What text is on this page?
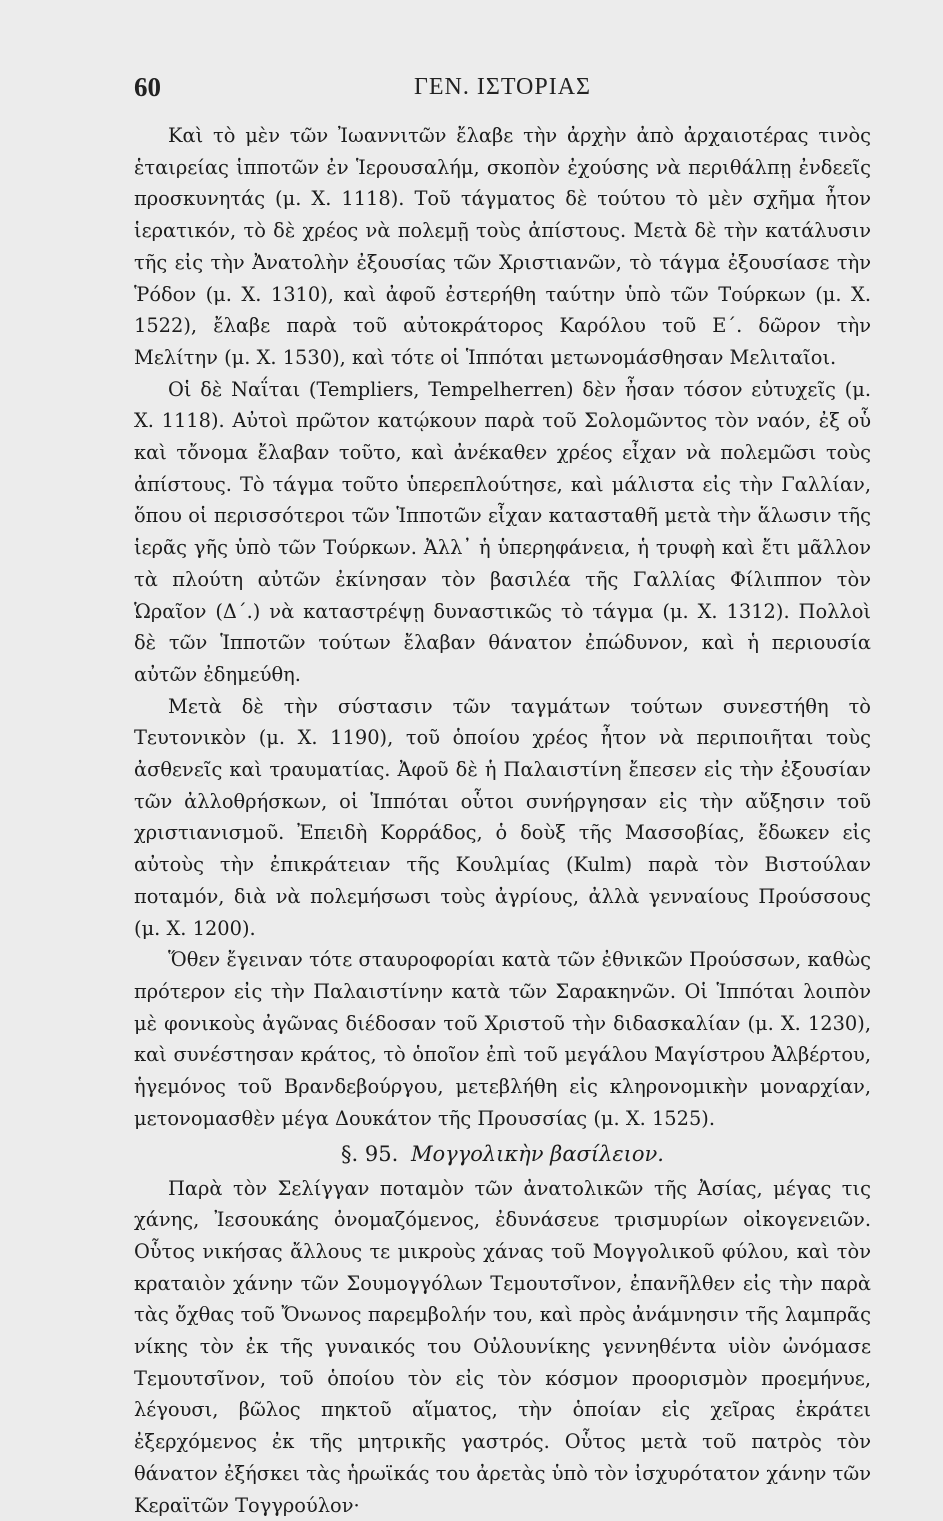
60	ΓΕΝ. ΙΣΤΟΡΙΑΣ

Καὶ τὸ μὲν τῶν Ἰωαννιτῶν ἔλαβε τὴν ἀρχὴν ἀπὸ ἀρχαιοτέρας τινὸς ἑταιρείας ἱπποτῶν ἐν Ἱερουσαλήμ, σκοπὸν ἐχούσης νὰ περιθάλπῃ ἐνδεεῖς προσκυνητάς (μ. Χ. 1118). Τοῦ τάγματος δὲ τούτου τὸ μὲν σχῆμα ἦτον ἱερατικόν, τὸ δὲ χρέος νὰ πολεμῇ τοὺς ἀπίστους. Μετὰ δὲ τὴν κατάλυσιν τῆς εἰς τὴν Ἀνατολὴν ἐξουσίας τῶν Χριστιανῶν, τὸ τάγμα ἐξουσίασε τὴν Ῥόδον (μ. Χ. 1310), καὶ ἀφοῦ ἐστερήθη ταύτην ὑπὸ τῶν Τούρκων (μ. Χ. 1522), ἔλαβε παρὰ τοῦ αὐτοκράτορος Καρόλου τοῦ Ε΄. δῶρον τὴν Μελίτην (μ. Χ. 1530), καὶ τότε οἱ Ἱππόται μετωνομάσθησαν Μελιταῖοι.

Οἱ δὲ Ναΐται (Templiers, Tempelherren) δὲν ἦσαν τόσον εὐτυχεῖς (μ. Χ. 1118). Αὐτοὶ πρῶτον κατῴκουν παρὰ τοῦ Σολομῶντος τὸν ναόν, ἐξ οὗ καὶ τὄνομα ἔλαβαν τοῦτο, καὶ ἀνέκαθεν χρέος εἶχαν νὰ πολεμῶσι τοὺς ἀπίστους. Τὸ τάγμα τοῦτο ὑπερεπλούτησε, καὶ μάλιστα εἰς τὴν Γαλλίαν, ὅπου οἱ περισσότεροι τῶν Ἱπποτῶν εἶχαν κατασταθῆ μετὰ τὴν ἅλωσιν τῆς ἱερᾶς γῆς ὑπὸ τῶν Τούρκων. Ἀλλ᾽ ἡ ὑπερηφάνεια, ἡ τρυφὴ καὶ ἔτι μᾶλλον τὰ πλούτη αὐτῶν ἐκίνησαν τὸν βασιλέα τῆς Γαλλίας Φίλιππον τὸν Ὡραῖον (Δ΄.) νὰ καταστρέψῃ δυναστικῶς τὸ τάγμα (μ. Χ. 1312). Πολλοὶ δὲ τῶν Ἱπποτῶν τούτων ἔλαβαν θάνατον ἐπώδυνον, καὶ ἡ περιουσία αὐτῶν ἐδημεύθη.

Μετὰ δὲ τὴν σύστασιν τῶν ταγμάτων τούτων συνεστήθη τὸ Τευτονικὸν (μ. Χ. 1190), τοῦ ὁποίου χρέος ἦτον νὰ περιποιῆται τοὺς ἀσθενεῖς καὶ τραυματίας. Ἀφοῦ δὲ ἡ Παλαιστίνη ἔπεσεν εἰς τὴν ἐξουσίαν τῶν ἀλλοθρήσκων, οἱ Ἱππόται οὗτοι συνήργησαν εἰς τὴν αὔξησιν τοῦ χριστιανισμοῦ. Ἐπειδὴ Κορράδος, ὁ δοὺξ τῆς Μασσοβίας, ἔδωκεν εἰς αὐτοὺς τὴν ἐπικράτειαν τῆς Κουλμίας (Kulm) παρὰ τὸν Βιστούλαν ποταμόν, διὰ νὰ πολεμήσωσι τοὺς ἀγρίους, ἀλλὰ γενναίους Προύσσους (μ. Χ. 1200).

Ὅθεν ἔγειναν τότε σταυροφορίαι κατὰ τῶν ἐθνικῶν Προύσσων, καθὼς πρότερον εἰς τὴν Παλαιστίνην κατὰ τῶν Σαρακηνῶν. Οἱ Ἱππόται λοιπὸν μὲ φονικοὺς ἀγῶνας διέδοσαν τοῦ Χριστοῦ τὴν διδασκαλίαν (μ. Χ. 1230), καὶ συνέστησαν κράτος, τὸ ὁποῖον ἐπὶ τοῦ μεγάλου Μαγίστρου Ἀλβέρτου, ἡγεμόνος τοῦ Βρανδεβούργου, μετεβλήθη εἰς κληρονομικὴν μοναρχίαν, μετονομασθὲν μέγα Δουκάτον τῆς Προυσσίας (μ. Χ. 1525).

§. 95. Μογγολικὴν βασίλειον.

Παρὰ τὸν Σελίγγαν ποταμὸν τῶν ἀνατολικῶν τῆς Ἀσίας, μέγας τις χάνης, Ἰεσουκάης ὀνομαζόμενος, ἐδυνάσευε τρισμυρίων οἰκογενειῶν. Οὗτος νικήσας ἄλλους τε μικροὺς χάνας τοῦ Μογγολικοῦ φύλου, καὶ τὸν κραταιὸν χάνην τῶν Σουμογγόλων Τεμουτσῖνον, ἐπανῆλθεν εἰς τὴν παρὰ τὰς ὄχθας τοῦ Ὄνωνος παρεμβολήν του, καὶ πρὸς ἀνάμνησιν τῆς λαμπρᾶς νίκης τὸν ἐκ τῆς γυναικός του Οὐλουνίκης γεννηθέντα υἱὸν ὠνόμασε Τεμουτσῖνον, τοῦ ὁποίου τὸν εἰς τὸν κόσμον προορισμὸν προεμήνυε, λέγουσι, βῶλος πηκτοῦ αἵματος, τὴν ὁποίαν εἰς χεῖρας ἐκράτει ἐξερχόμενος ἐκ τῆς μητρικῆς γαστρός. Οὗτος μετὰ τοῦ πατρὸς τὸν θάνατον ἐξήσκει τὰς ἡρωϊκάς του ἀρετὰς ὑπὸ τὸν ἰσχυρότατον χάνην τῶν Κεραϊτῶν Τογγρούλον·
